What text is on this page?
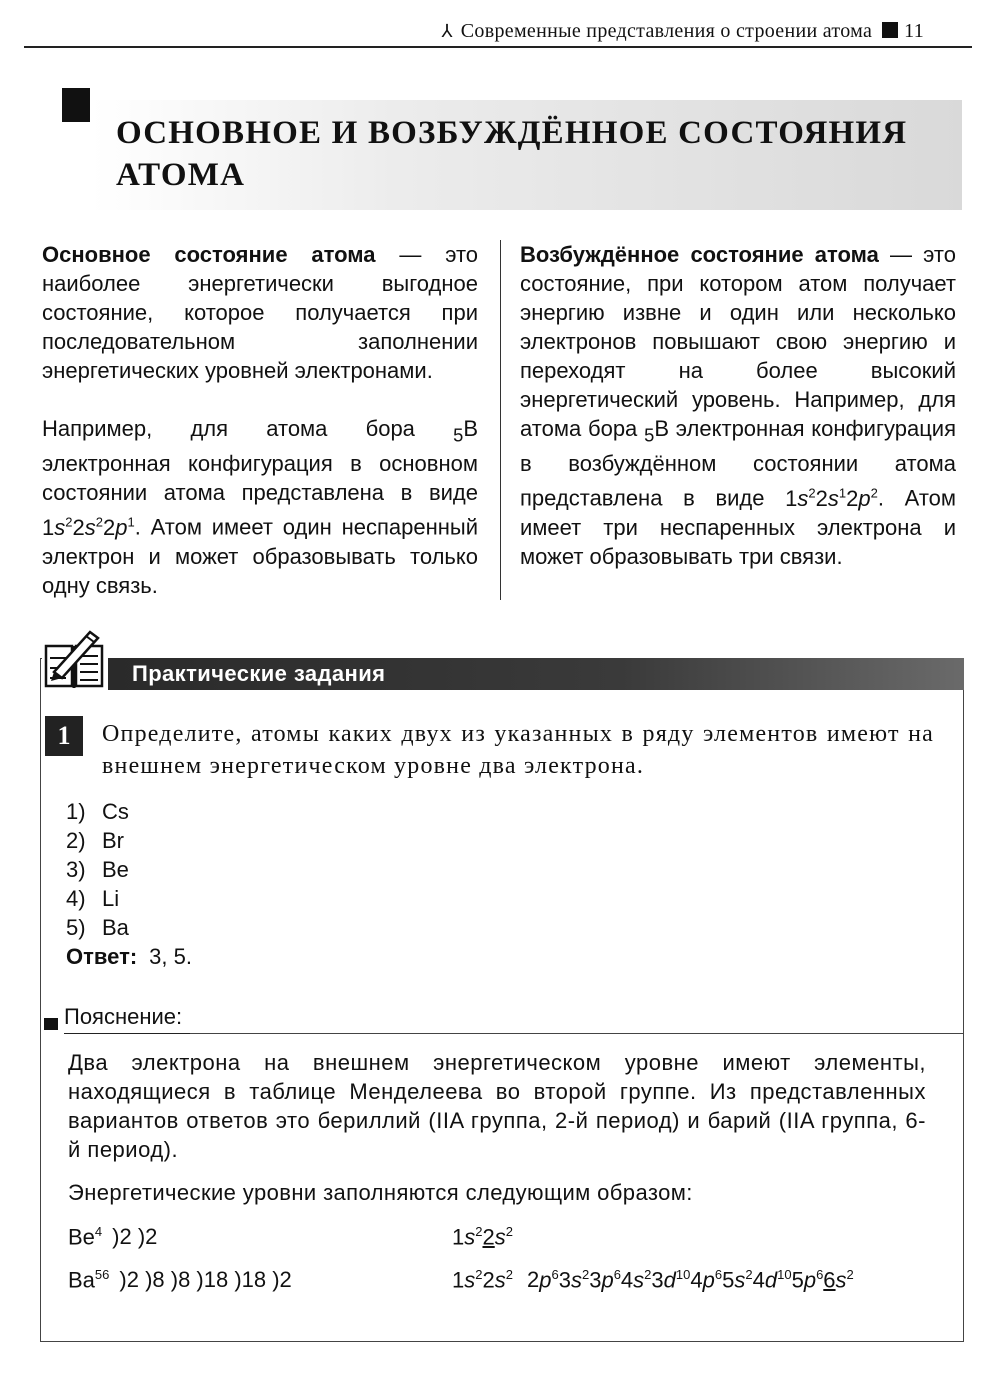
⅄ Современные представления о строении атома 11
ОСНОВНОЕ И ВОЗБУЖДЁННОЕ СОСТОЯНИЯ АТОМА

Основное состояние атома — это наиболее энергетически выгодное состояние, которое получается при последовательном заполнении энергетических уровней электронами.

Например, для атома бора $_5$B электронная конфигурация в основном состоянии атома представлена в виде $1s^22s^22p^1$. Атом имеет один неспаренный электрон и может образовывать только одну связь.

Возбуждённое состояние атома — это состояние, при котором атом получает энергию извне и один или несколько электронов повышают свою энергию и переходят на более высокий энергетический уровень. Например, для атома бора $_5$B электронная конфигурация в возбуждённом состоянии атома представлена в виде $1s^22s^12p^2$. Атом имеет три неспаренных электрона и может образовывать три связи.

Практические задания
1	Определите, атомы каких двух из указанных в ряду элементов имеют на внешнем энергетическом уровне два электрона.
1) Cs
2) Br
3) Be
4) Li
5) Ba
Ответ: 3, 5.
Пояснение:
Два электрона на внешнем энергетическом уровне имеют элементы, находящиеся в таблице Менделеева во второй группе. Из представленных вариантов ответов это бериллий (IIA группа, 2-й период) и барий (IIA группа, 6-й период).
Энергетические уровни заполняются следующим образом:
Be$^4$ )2 )2	$1s^22s^2$
Ba$^{56}$ )2 )8 )8 )18 )18 )2	$1s^22s^2$ $2p^63s^23p^64s^23d^{10}4p^65s^24d^{10}5p^66s^2$
